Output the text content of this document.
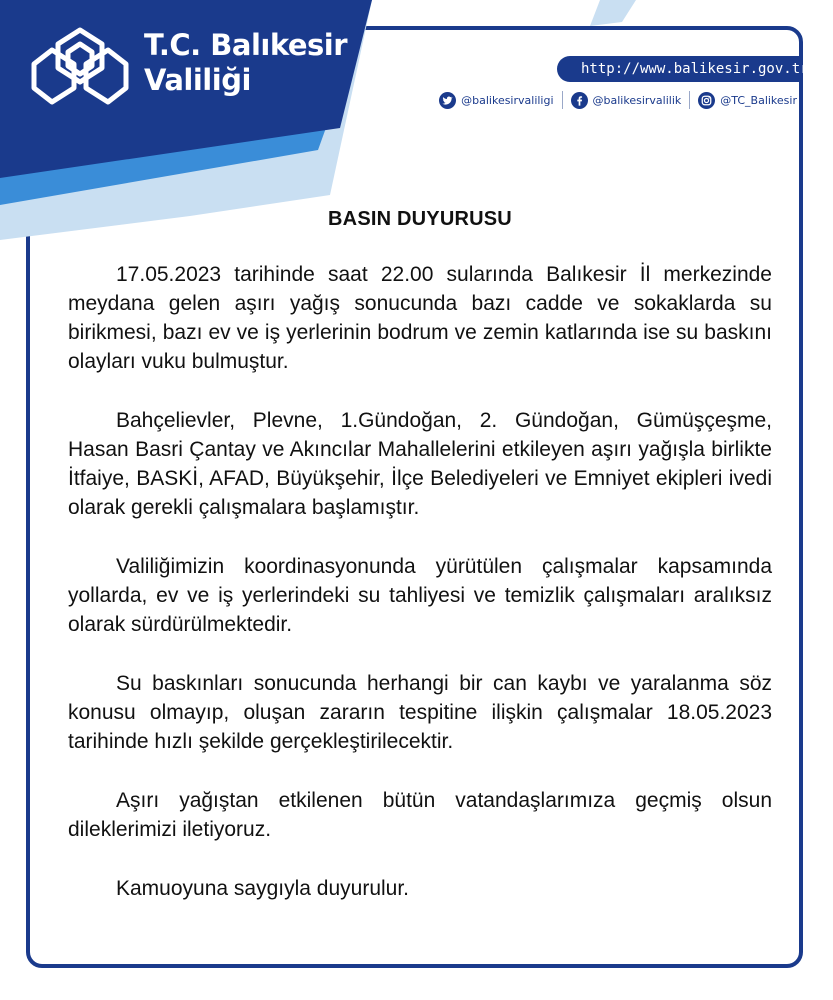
T.C. Balıkesir
Valiliği	http://www.balikesir.gov.tr/
@balikesirvaliligi	@balikesirvalilik	@TC_Balikesir
BASIN DUYURUSU

17.05.2023 tarihinde saat 22.00 sularında Balıkesir İl merkezinde meydana gelen aşırı yağış sonucunda bazı cadde ve sokaklarda su birikmesi, bazı ev ve iş yerlerinin bodrum ve zemin katlarında ise su baskını olayları vuku bulmuştur.

Bahçelievler, Plevne, 1.Gündoğan, 2. Gündoğan, Gümüşçeşme, Hasan Basri Çantay ve Akıncılar Mahallelerini etkileyen aşırı yağışla birlikte İtfaiye, BASKİ, AFAD, Büyükşehir, İlçe Belediyeleri ve Emniyet ekipleri ivedi olarak gerekli çalışmalara başlamıştır.

Valiliğimizin koordinasyonunda yürütülen çalışmalar kapsamında yollarda, ev ve iş yerlerindeki su tahliyesi ve temizlik çalışmaları aralıksız olarak sürdürülmektedir.

Su baskınları sonucunda herhangi bir can kaybı ve yaralanma söz konusu olmayıp, oluşan zararın tespitine ilişkin çalışmalar 18.05.2023 tarihinde hızlı şekilde gerçekleştirilecektir.

Aşırı yağıştan etkilenen bütün vatandaşlarımıza geçmiş olsun dileklerimizi iletiyoruz.

Kamuoyuna saygıyla duyurulur.
